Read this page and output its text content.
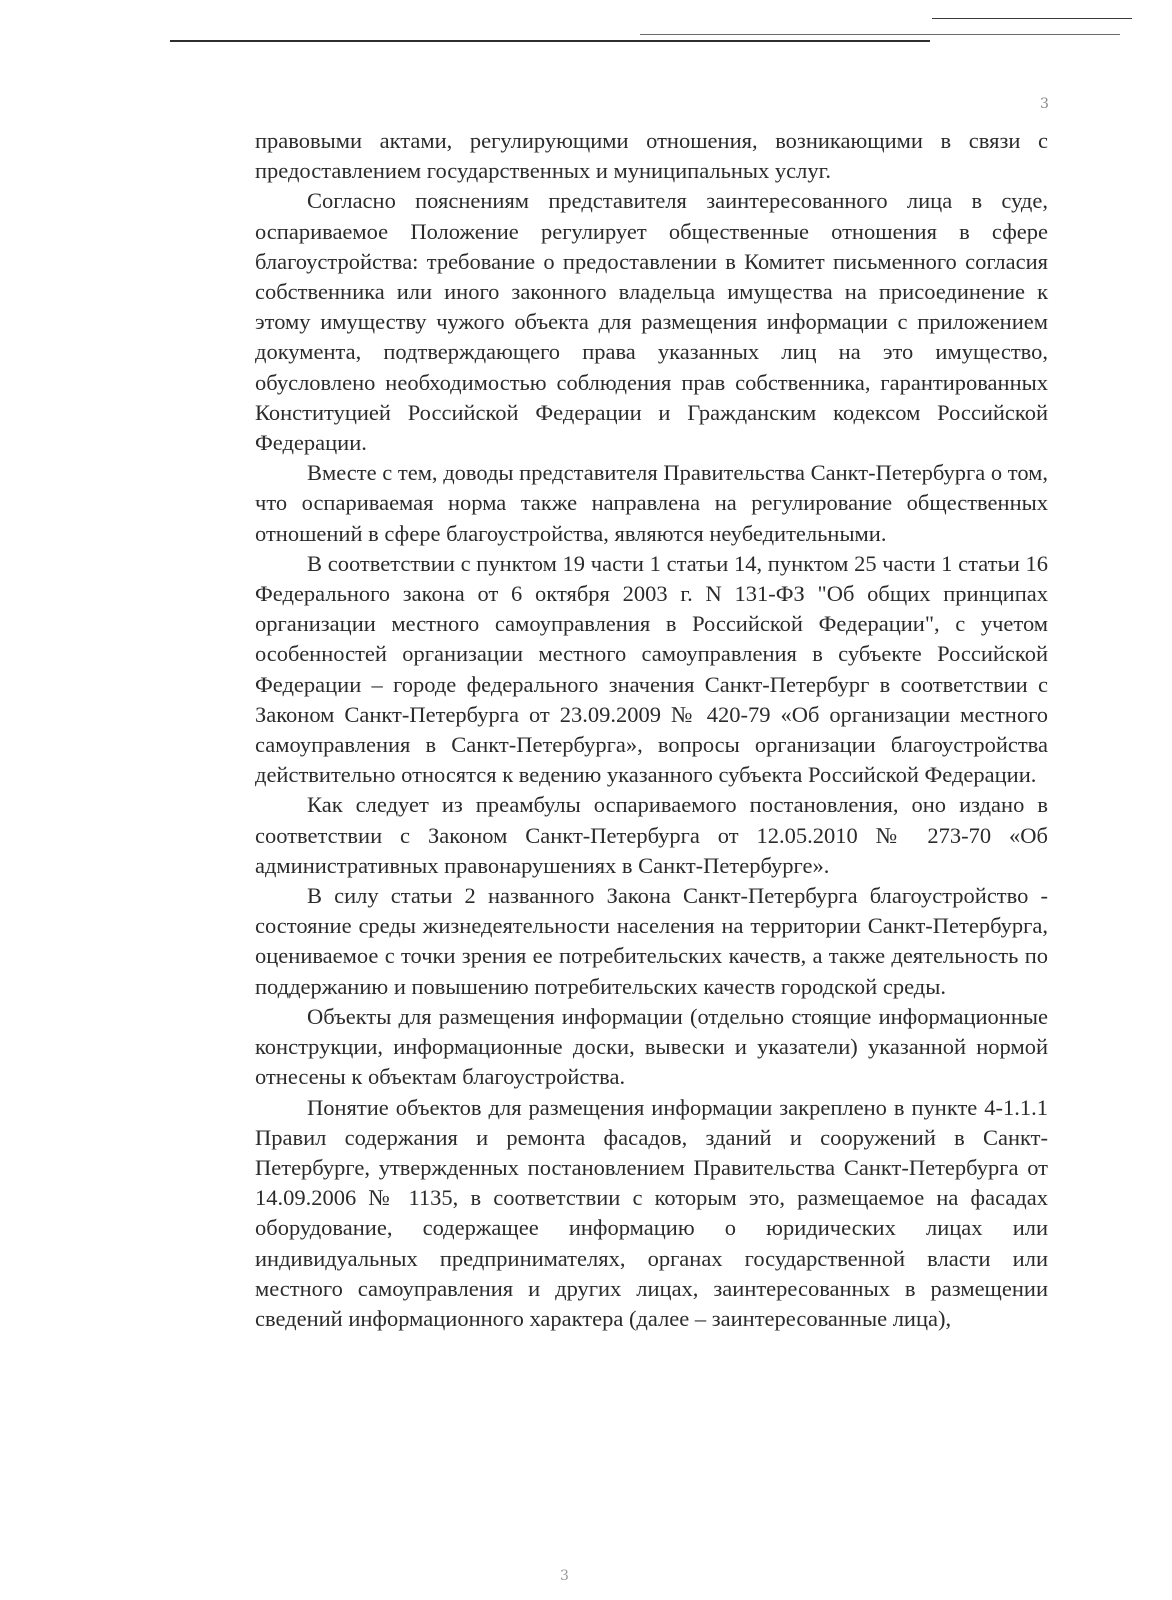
3

правовыми актами, регулирующими отношения, возникающими в связи с предоставлением государственных и муниципальных услуг.

Согласно пояснениям представителя заинтересованного лица в суде, оспариваемое Положение регулирует общественные отношения в сфере благоустройства: требование о предоставлении в Комитет письменного согласия собственника или иного законного владельца имущества на присоединение к этому имуществу чужого объекта для размещения информации с приложением документа, подтверждающего права указанных лиц на это имущество, обусловлено необходимостью соблюдения прав собственника, гарантированных Конституцией Российской Федерации и Гражданским кодексом Российской Федерации.

Вместе с тем, доводы представителя Правительства Санкт-Петербурга о том, что оспариваемая норма также направлена на регулирование общественных отношений в сфере благоустройства, являются неубедительными.

В соответствии с пунктом 19 части 1 статьи 14, пунктом 25 части 1 статьи 16 Федерального закона от 6 октября 2003 г. N 131-ФЗ "Об общих принципах организации местного самоуправления в Российской Федерации", с учетом особенностей организации местного самоуправления в субъекте Российской Федерации – городе федерального значения Санкт-Петербург в соответствии с Законом Санкт-Петербурга от 23.09.2009 № 420-79 «Об организации местного самоуправления в Санкт-Петербурга», вопросы организации благоустройства действительно относятся к ведению указанного субъекта Российской Федерации.

Как следует из преамбулы оспариваемого постановления, оно издано в соответствии с Законом Санкт-Петербурга от 12.05.2010 № 273-70 «Об административных правонарушениях в Санкт-Петербурге».

В силу статьи 2 названного Закона Санкт-Петербурга благоустройство - состояние среды жизнедеятельности населения на территории Санкт-Петербурга, оцениваемое с точки зрения ее потребительских качеств, а также деятельность по поддержанию и повышению потребительских качеств городской среды.

Объекты для размещения информации (отдельно стоящие информационные конструкции, информационные доски, вывески и указатели) указанной нормой отнесены к объектам благоустройства.

Понятие объектов для размещения информации закреплено в пункте 4-1.1.1 Правил содержания и ремонта фасадов, зданий и сооружений в Санкт-Петербурге, утвержденных постановлением Правительства Санкт-Петербурга от 14.09.2006 № 1135, в соответствии с которым это, размещаемое на фасадах оборудование, содержащее информацию о юридических лицах или индивидуальных предпринимателях, органах государственной власти или местного самоуправления и других лицах, заинтересованных в размещении сведений информационного характера (далее – заинтересованные лица),

3
